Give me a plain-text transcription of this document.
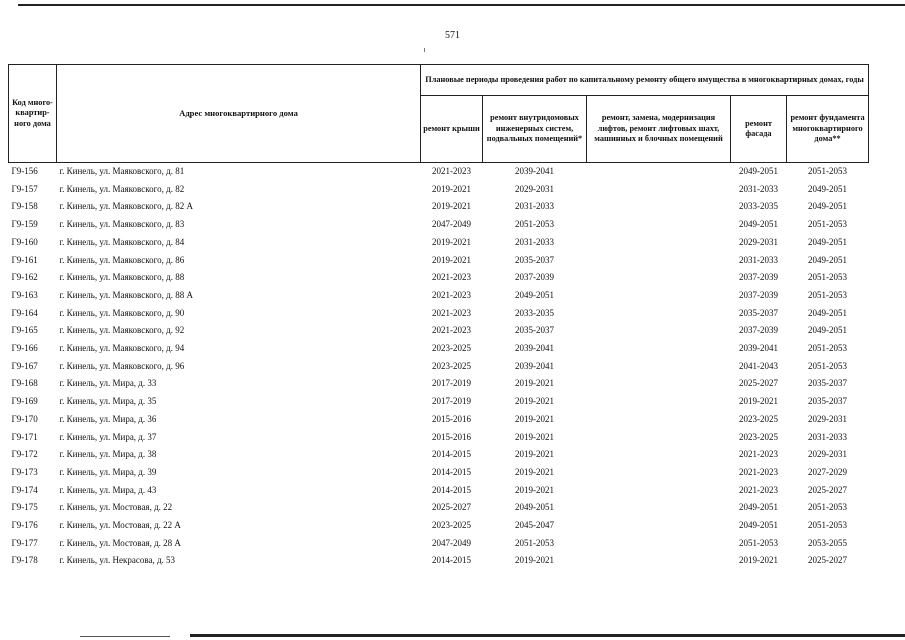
571
Код много-квартир-ного дома	Адрес многоквартирного дома	Плановые периоды проведения работ по капитальному ремонту общего имущества в многоквартирных домах, годы				
		ремонт крыши	ремонт внутридомовых инженерных систем, подвальных помещений*	ремонт, замена, модернизация лифтов, ремонт лифтовых шахт, машинных и блочных помещений	ремонт фасада	ремонт фундамента многоквартирного дома**
Г9-156	г. Кинель, ул. Маяковского, д. 81	2021-2023	2039-2041		2049-2051	2051-2053
Г9-157	г. Кинель, ул. Маяковского, д. 82	2019-2021	2029-2031		2031-2033	2049-2051
Г9-158	г. Кинель, ул. Маяковского, д. 82 А	2019-2021	2031-2033		2033-2035	2049-2051
Г9-159	г. Кинель, ул. Маяковского, д. 83	2047-2049	2051-2053		2049-2051	2051-2053
Г9-160	г. Кинель, ул. Маяковского, д. 84	2019-2021	2031-2033		2029-2031	2049-2051
Г9-161	г. Кинель, ул. Маяковского, д. 86	2019-2021	2035-2037		2031-2033	2049-2051
Г9-162	г. Кинель, ул. Маяковского, д. 88	2021-2023	2037-2039		2037-2039	2051-2053
Г9-163	г. Кинель, ул. Маяковского, д. 88 А	2021-2023	2049-2051		2037-2039	2051-2053
Г9-164	г. Кинель, ул. Маяковского, д. 90	2021-2023	2033-2035		2035-2037	2049-2051
Г9-165	г. Кинель, ул. Маяковского, д. 92	2021-2023	2035-2037		2037-2039	2049-2051
Г9-166	г. Кинель, ул. Маяковского, д. 94	2023-2025	2039-2041		2039-2041	2051-2053
Г9-167	г. Кинель, ул. Маяковского, д. 96	2023-2025	2039-2041		2041-2043	2051-2053
Г9-168	г. Кинель, ул. Мира, д. 33	2017-2019	2019-2021		2025-2027	2035-2037
Г9-169	г. Кинель, ул. Мира, д. 35	2017-2019	2019-2021		2019-2021	2035-2037
Г9-170	г. Кинель, ул. Мира, д. 36	2015-2016	2019-2021		2023-2025	2029-2031
Г9-171	г. Кинель, ул. Мира, д. 37	2015-2016	2019-2021		2023-2025	2031-2033
Г9-172	г. Кинель, ул. Мира, д. 38	2014-2015	2019-2021		2021-2023	2029-2031
Г9-173	г. Кинель, ул. Мира, д. 39	2014-2015	2019-2021		2021-2023	2027-2029
Г9-174	г. Кинель, ул. Мира, д. 43	2014-2015	2019-2021		2021-2023	2025-2027
Г9-175	г. Кинель, ул. Мостовая, д. 22	2025-2027	2049-2051		2049-2051	2051-2053
Г9-176	г. Кинель, ул. Мостовая, д. 22 А	2023-2025	2045-2047		2049-2051	2051-2053
Г9-177	г. Кинель, ул. Мостовая, д. 28 А	2047-2049	2051-2053		2051-2053	2053-2055
Г9-178	г. Кинель, ул. Некрасова, д. 53	2014-2015	2019-2021		2019-2021	2025-2027
